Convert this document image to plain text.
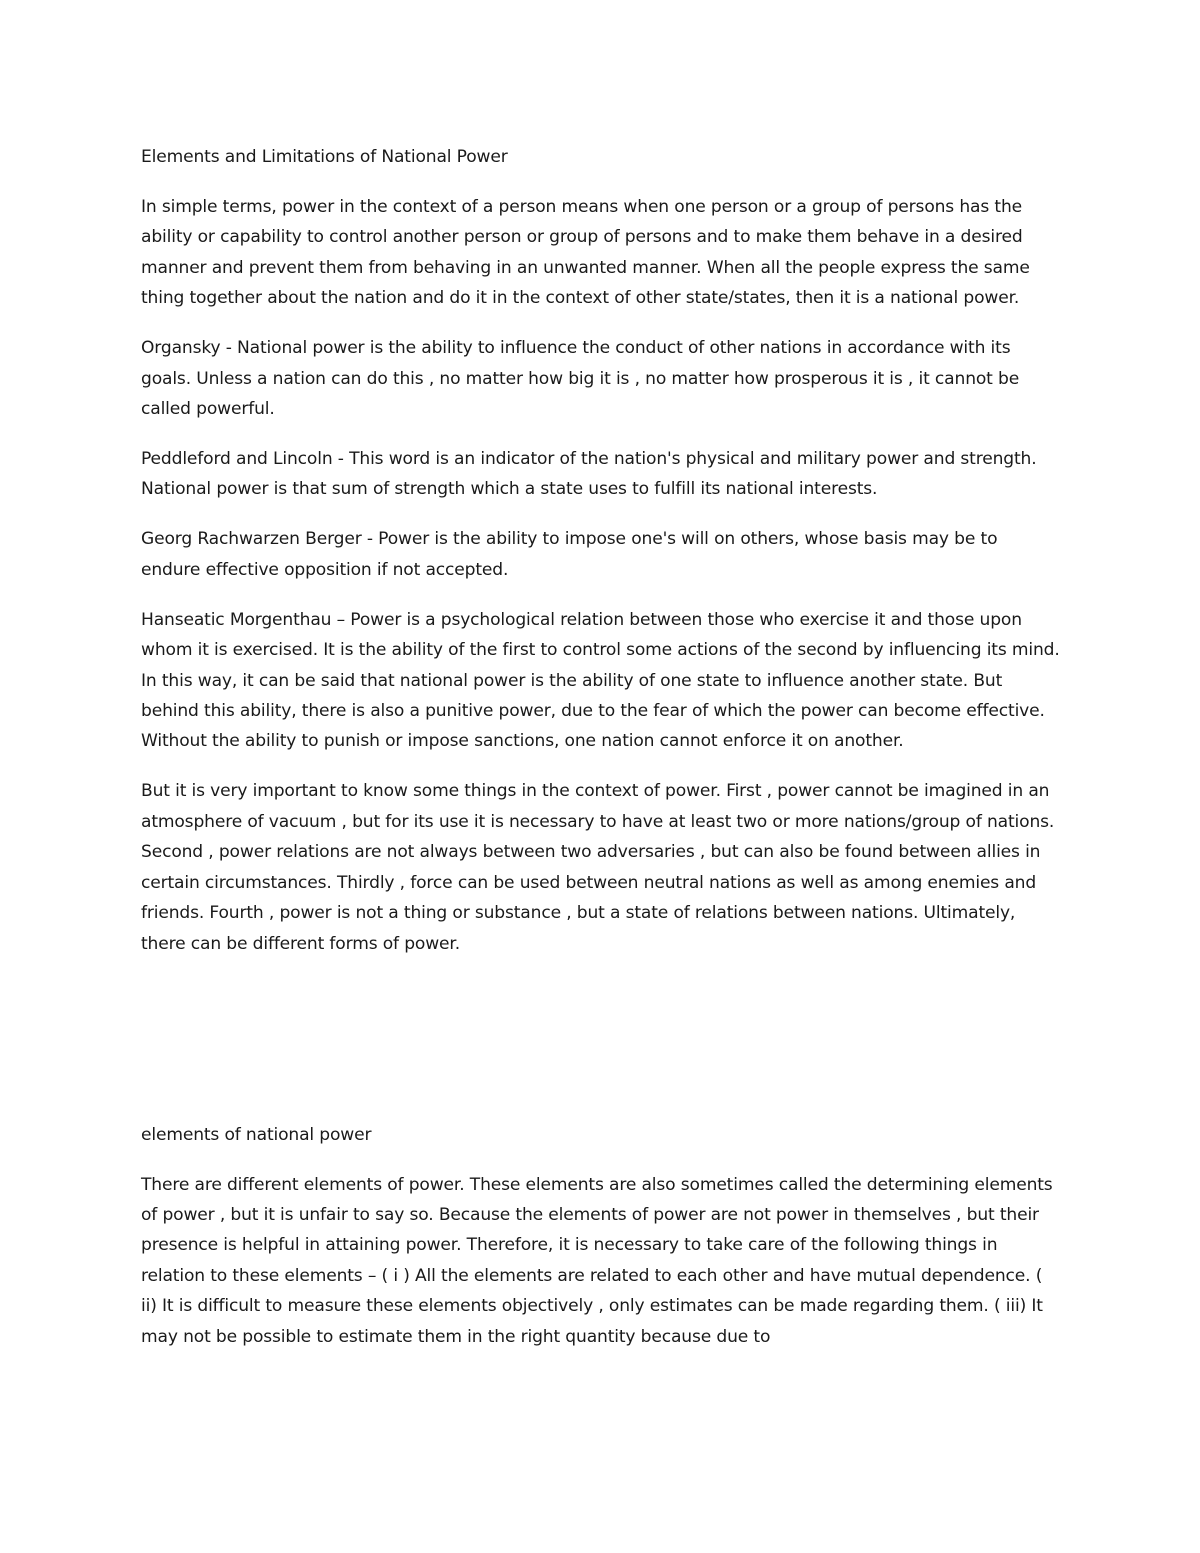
Elements and Limitations of National Power

In simple terms, power in the context of a person means when one person or a group of persons has the ability or capability to control another person or group of persons and to make them behave in a desired manner and prevent them from behaving in an unwanted manner. When all the people express the same thing together about the nation and do it in the context of other state/states, then it is a national power.

Organsky - National power is the ability to influence the conduct of other nations in accordance with its goals. Unless a nation can do this , no matter how big it is , no matter how prosperous it is , it cannot be called powerful.

Peddleford and Lincoln - This word is an indicator of the nation's physical and military power and strength. National power is that sum of strength which a state uses to fulfill its national interests.

Georg Rachwarzen Berger - Power is the ability to impose one's will on others, whose basis may be to endure effective opposition if not accepted.

Hanseatic Morgenthau – Power is a psychological relation between those who exercise it and those upon whom it is exercised. It is the ability of the first to control some actions of the second by influencing its mind. In this way, it can be said that national power is the ability of one state to influence another state. But behind this ability, there is also a punitive power, due to the fear of which the power can become effective. Without the ability to punish or impose sanctions, one nation cannot enforce it on another.

But it is very important to know some things in the context of power. First , power cannot be imagined in an atmosphere of vacuum , but for its use it is necessary to have at least two or more nations/group of nations. Second , power relations are not always between two adversaries , but can also be found between allies in certain circumstances. Thirdly , force can be used between neutral nations as well as among enemies and friends. Fourth , power is not a thing or substance , but a state of relations between nations. Ultimately, there can be different forms of power.

elements of national power

There are different elements of power. These elements are also sometimes called the determining elements of power , but it is unfair to say so. Because the elements of power are not power in themselves , but their presence is helpful in attaining power. Therefore, it is necessary to take care of the following things in relation to these elements – ( i ) All the elements are related to each other and have mutual dependence. ( ii) It is difficult to measure these elements objectively , only estimates can be made regarding them. ( iii) It may not be possible to estimate them in the right quantity because due to
